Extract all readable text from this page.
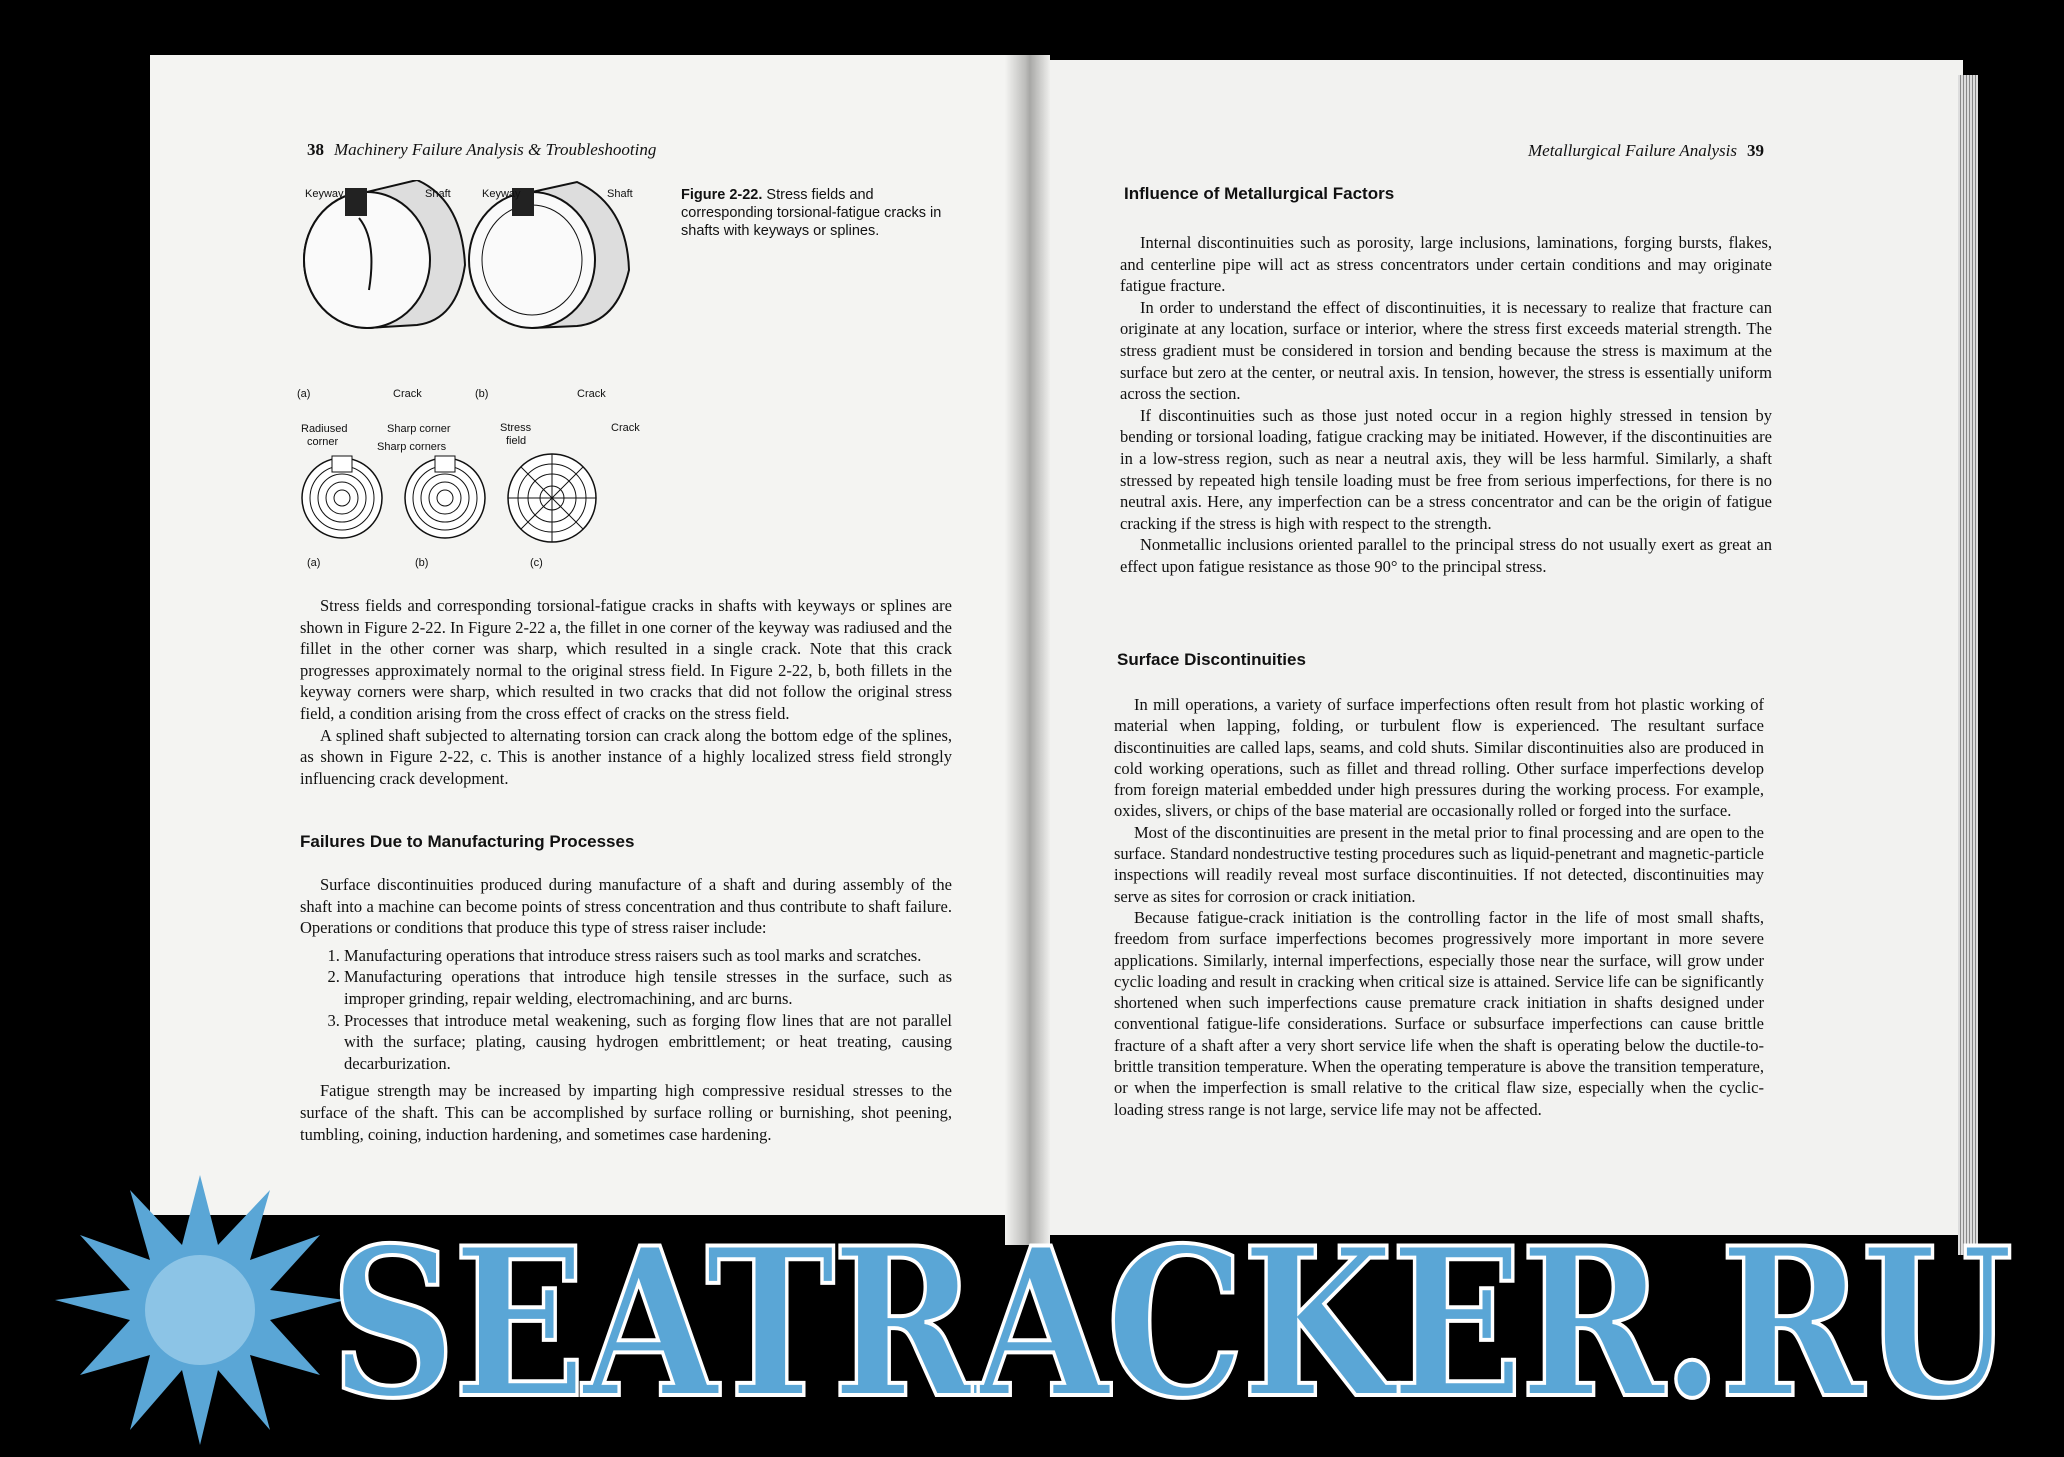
38 Machinery Failure Analysis & Troubleshooting
Keyway	Shaft
Crack
(a)
Keyway	Shaft
Crack
(b)
Radiused
corner
Sharp corner
Sharp corners
Stress
field
Crack
(a)	(b)	(c)
Figure 2-22. Stress fields and corresponding torsional-fatigue cracks in shafts with keyways or splines.

Stress fields and corresponding torsional-fatigue cracks in shafts with keyways or splines are shown in Figure 2-22. In Figure 2-22 a, the fillet in one corner of the keyway was radiused and the fillet in the other corner was sharp, which resulted in a single crack. Note that this crack progresses approximately normal to the original stress field. In Figure 2-22, b, both fillets in the keyway corners were sharp, which resulted in two cracks that did not follow the original stress field, a condition arising from the cross effect of cracks on the stress field.

A splined shaft subjected to alternating torsion can crack along the bottom edge of the splines, as shown in Figure 2-22, c. This is another instance of a highly localized stress field strongly influencing crack development.

Failures Due to Manufacturing Processes

Surface discontinuities produced during manufacture of a shaft and during assembly of the shaft into a machine can become points of stress concentration and thus contribute to shaft failure. Operations or conditions that produce this type of stress raiser include:

1. Manufacturing operations that introduce stress raisers such as tool marks and scratches.
2. Manufacturing operations that introduce high tensile stresses in the surface, such as improper grinding, repair welding, electromachining, and arc burns.
3. Processes that introduce metal weakening, such as forging flow lines that are not parallel with the surface; plating, causing hydrogen embrittlement; or heat treating, causing decarburization.

Fatigue strength may be increased by imparting high compressive residual stresses to the surface of the shaft. This can be accomplished by surface rolling or burnishing, shot peening, tumbling, coining, induction hardening, and sometimes case hardening.

Metallurgical Failure Analysis 39
Influence of Metallurgical Factors

Internal discontinuities such as porosity, large inclusions, laminations, forging bursts, flakes, and centerline pipe will act as stress concentrators under certain conditions and may originate fatigue fracture.

In order to understand the effect of discontinuities, it is necessary to realize that fracture can originate at any location, surface or interior, where the stress first exceeds material strength. The stress gradient must be considered in torsion and bending because the stress is maximum at the surface but zero at the center, or neutral axis. In tension, however, the stress is essentially uniform across the section.

If discontinuities such as those just noted occur in a region highly stressed in tension by bending or torsional loading, fatigue cracking may be initiated. However, if the discontinuities are in a low-stress region, such as near a neutral axis, they will be less harmful. Similarly, a shaft stressed by repeated high tensile loading must be free from serious imperfections, for there is no neutral axis. Here, any imperfection can be a stress concentrator and can be the origin of fatigue cracking if the stress is high with respect to the strength.

Nonmetallic inclusions oriented parallel to the principal stress do not usually exert as great an effect upon fatigue resistance as those 90° to the principal stress.

Surface Discontinuities

In mill operations, a variety of surface imperfections often result from hot plastic working of material when lapping, folding, or turbulent flow is experienced. The resultant surface discontinuities are called laps, seams, and cold shuts. Similar discontinuities also are produced in cold working operations, such as fillet and thread rolling. Other surface imperfections develop from foreign material embedded under high pressures during the working process. For example, oxides, slivers, or chips of the base material are occasionally rolled or forged into the surface.

Most of the discontinuities are present in the metal prior to final processing and are open to the surface. Standard nondestructive testing procedures such as liquid-penetrant and magnetic-particle inspections will readily reveal most surface discontinuities. If not detected, discontinuities may serve as sites for corrosion or crack initiation.

Because fatigue-crack initiation is the controlling factor in the life of most small shafts, freedom from surface imperfections becomes progressively more important in more severe applications. Similarly, internal imperfections, especially those near the surface, will grow under cyclic loading and result in cracking when critical size is attained. Service life can be significantly shortened when such imperfections cause premature crack initiation in shafts designed under conventional fatigue-life considerations. Surface or subsurface imperfections can cause brittle fracture of a shaft after a very short service life when the shaft is operating below the ductile-to-brittle transition temperature. When the operating temperature is above the transition temperature, or when the imperfection is small relative to the critical flaw size, especially when the cyclic-loading stress range is not large, service life may not be affected.

SEATRACKER.RU
